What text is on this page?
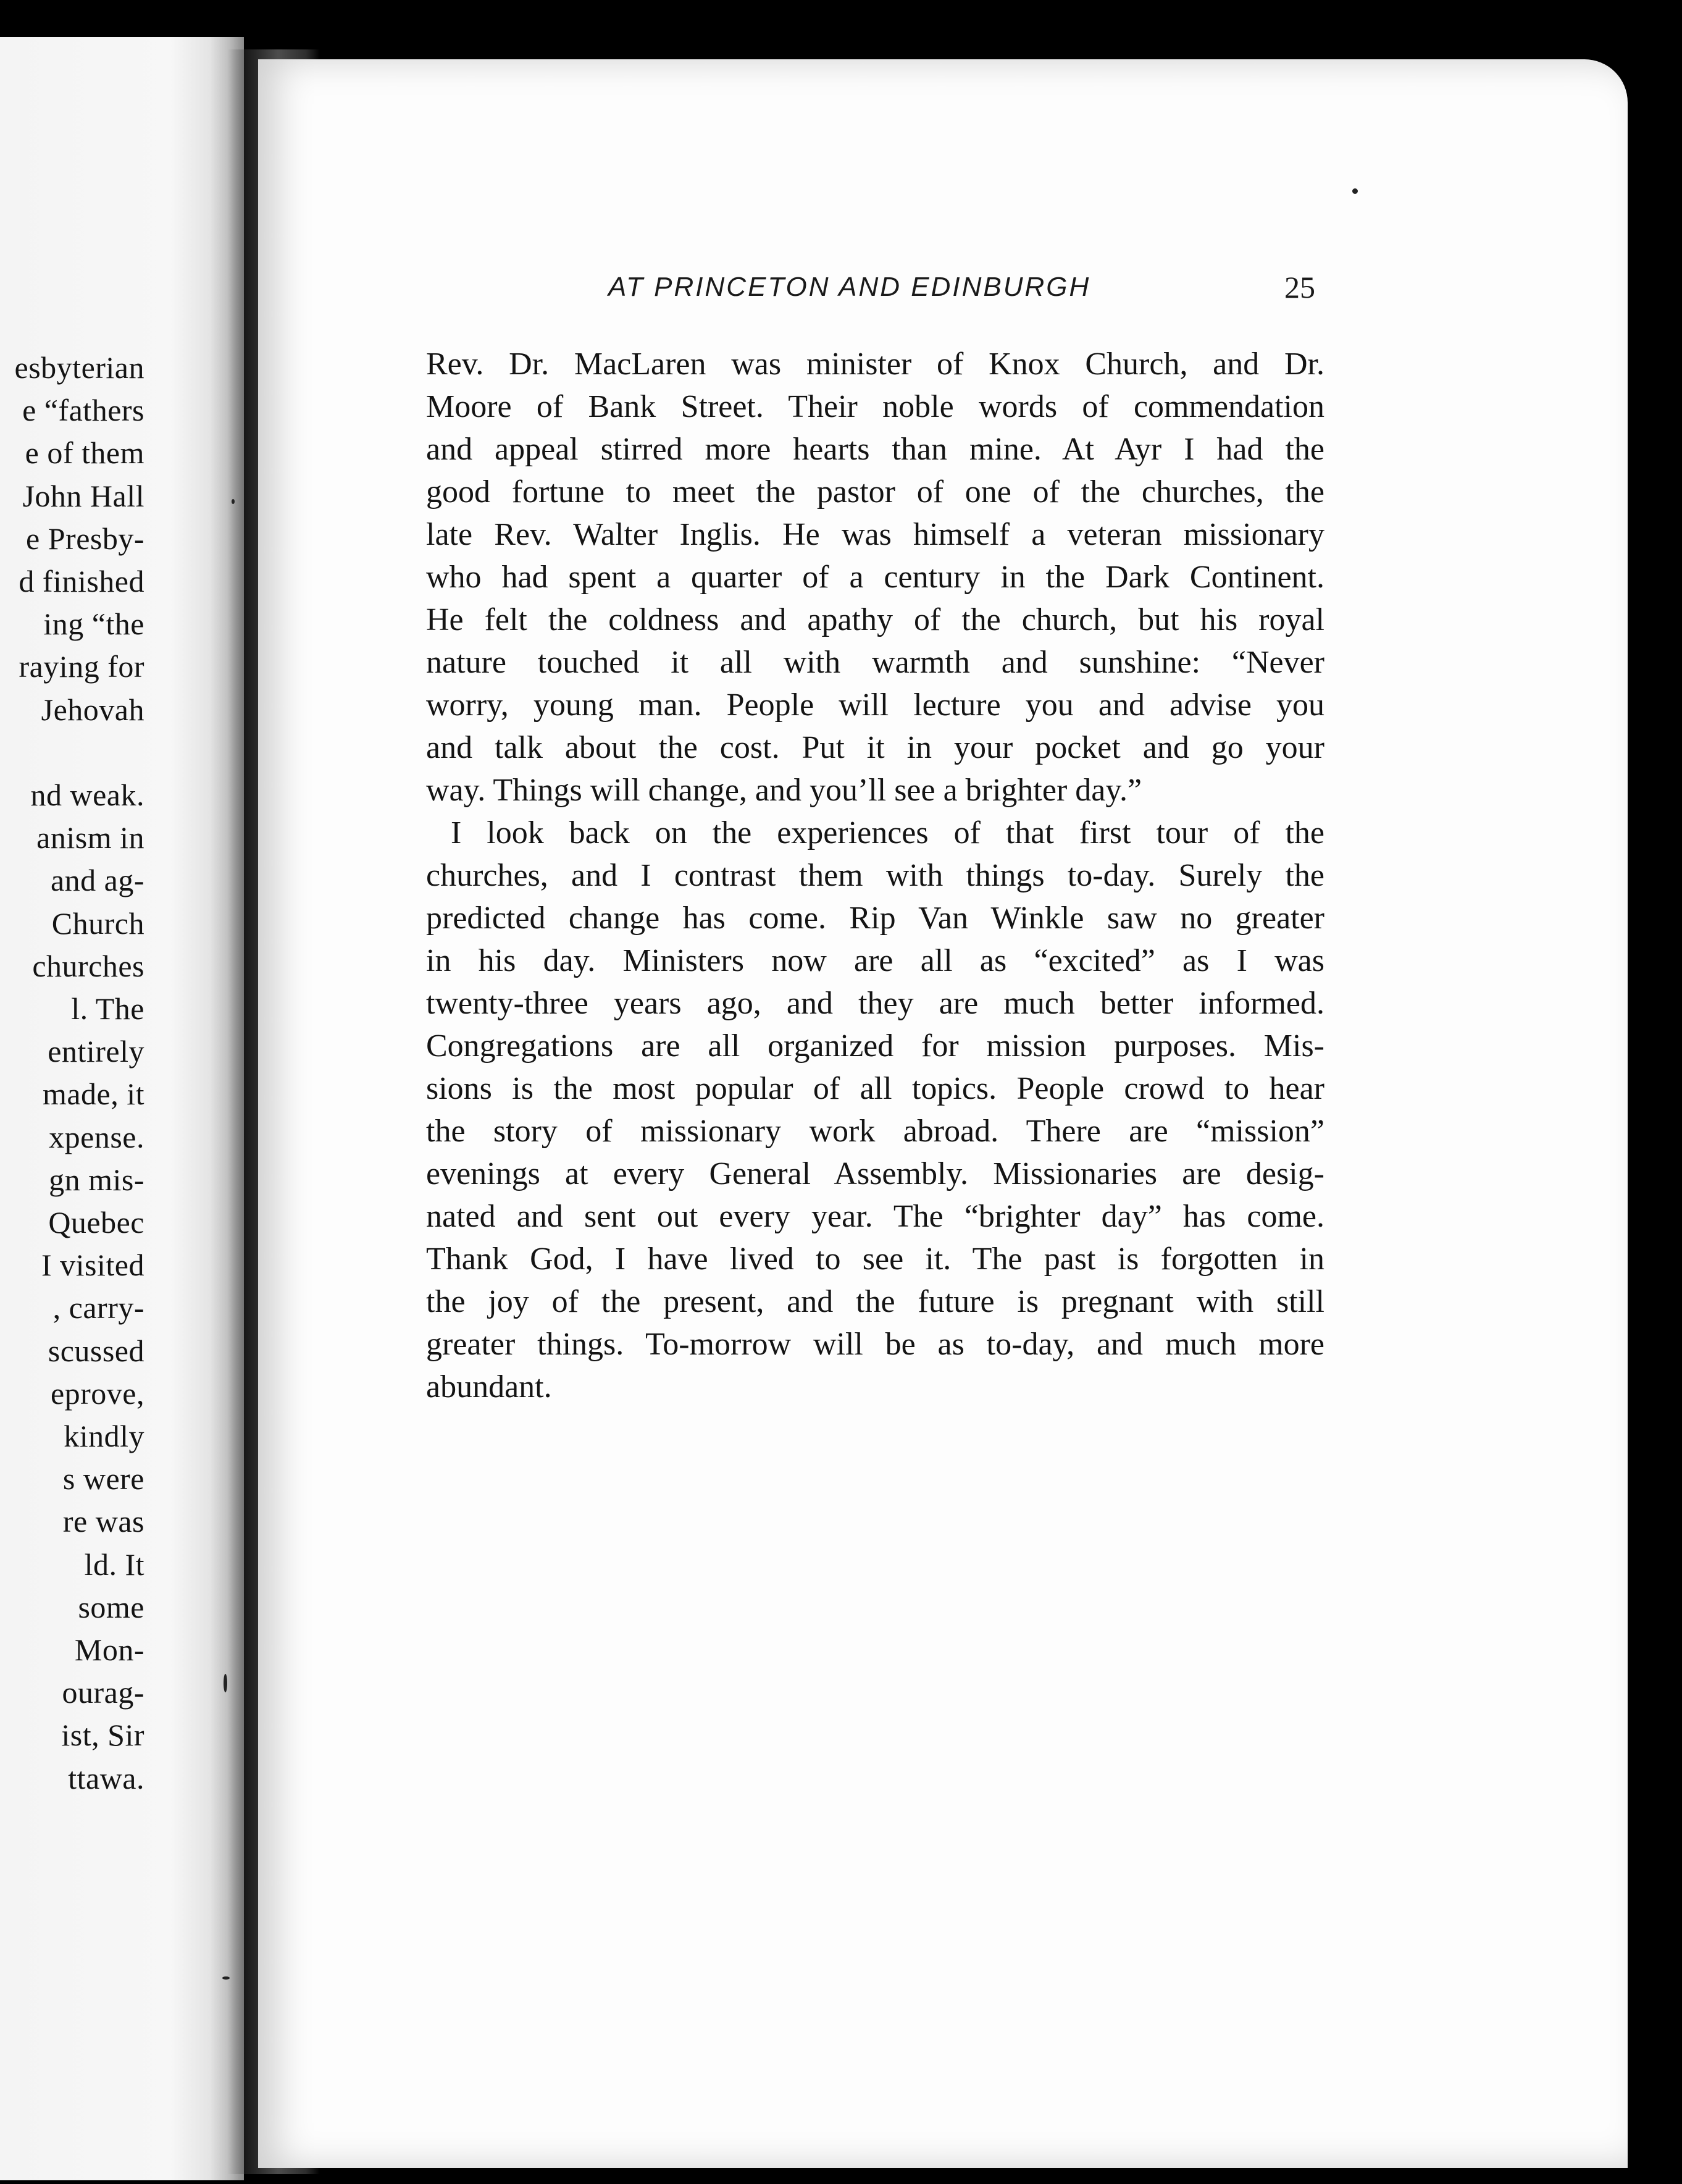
esbyterian
e “fathers
e of them
John Hall
e Presby-
d finished
ing “the
raying for
Jehovah
nd weak.
anism in
and ag-
Church
churches
l. The
entirely
made, it
xpense.
gn mis-
Quebec
I visited
, carry-
scussed
eprove,
kindly
s were
re was
ld. It
some
Mon-
ourag-
ist, Sir
ttawa.
AT PRINCETON AND EDINBURGH	25
Rev. Dr. MacLaren was minister of Knox Church, and Dr.
Moore of Bank Street. Their noble words of commendation
and appeal stirred more hearts than mine. At Ayr I had the
good fortune to meet the pastor of one of the churches, the
late Rev. Walter Inglis. He was himself a veteran missionary
who had spent a quarter of a century in the Dark Continent.
He felt the coldness and apathy of the church, but his royal
nature touched it all with warmth and sunshine: “Never
worry, young man. People will lecture you and advise you
and talk about the cost. Put it in your pocket and go your
way. Things will change, and you’ll see a brighter day.”
I look back on the experiences of that first tour of the
churches, and I contrast them with things to-day. Surely the
predicted change has come. Rip Van Winkle saw no greater
in his day. Ministers now are all as “excited” as I was
twenty-three years ago, and they are much better informed.
Congregations are all organized for mission purposes. Mis-
sions is the most popular of all topics. People crowd to hear
the story of missionary work abroad. There are “mission”
evenings at every General Assembly. Missionaries are desig-
nated and sent out every year. The “brighter day” has come.
Thank God, I have lived to see it. The past is forgotten in
the joy of the present, and the future is pregnant with still
greater things. To-morrow will be as to-day, and much more
abundant.
